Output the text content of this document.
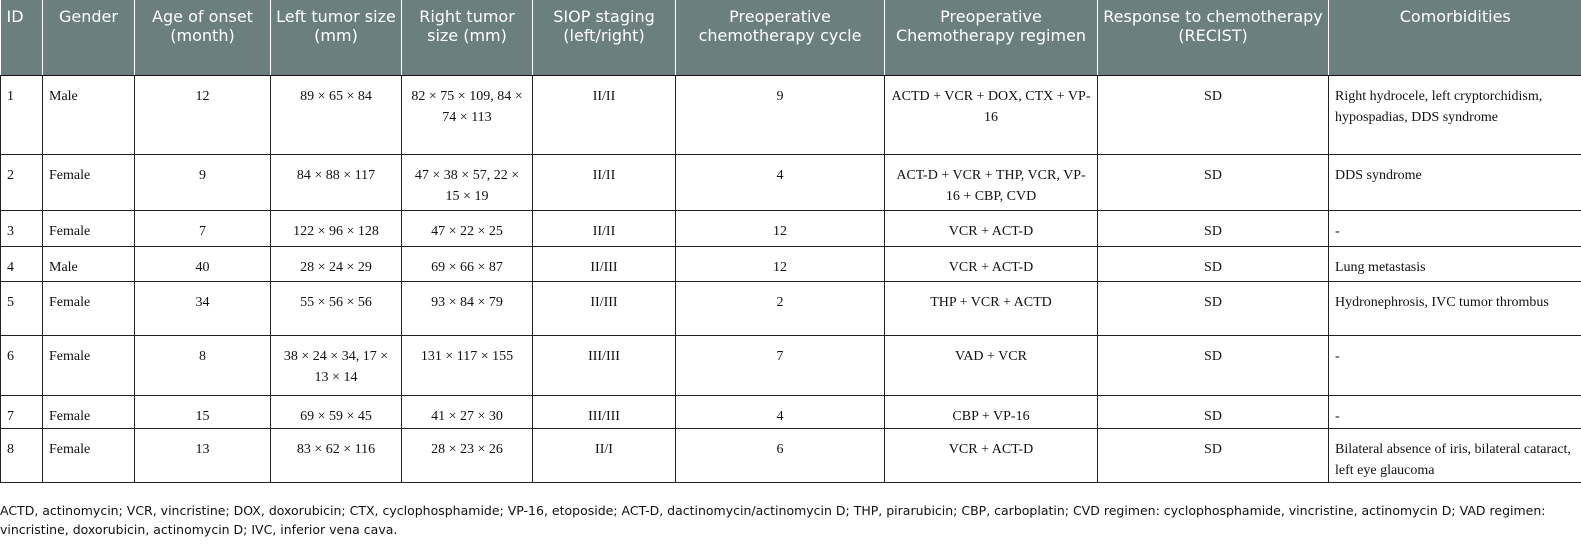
ID	Gender	Age of onset (month)	Left tumor size (mm)	Right tumor size (mm)	SIOP staging (left/right)	Preoperative chemotherapy cycle	Preoperative Chemotherapy regimen	Response to chemotherapy (RECIST)	Comorbidities
1	Male	12	89 × 65 × 84	82 × 75 × 109, 84 × 74 × 113	II/II	9	ACTD + VCR + DOX, CTX + VP-16	SD	Right hydrocele, left cryptorchidism, hypospadias, DDS syndrome
2	Female	9	84 × 88 × 117	47 × 38 × 57, 22 × 15 × 19	II/II	4	ACT-D + VCR + THP, VCR, VP-16 + CBP, CVD	SD	DDS syndrome
3	Female	7	122 × 96 × 128	47 × 22 × 25	II/II	12	VCR + ACT-D	SD	-
4	Male	40	28 × 24 × 29	69 × 66 × 87	II/III	12	VCR + ACT-D	SD	Lung metastasis
5	Female	34	55 × 56 × 56	93 × 84 × 79	II/III	2	THP + VCR + ACTD	SD	Hydronephrosis, IVC tumor thrombus
6	Female	8	38 × 24 × 34, 17 × 13 × 14	131 × 117 × 155	III/III	7	VAD + VCR	SD	-
7	Female	15	69 × 59 × 45	41 × 27 × 30	III/III	4	CBP + VP-16	SD	-
8	Female	13	83 × 62 × 116	28 × 23 × 26	II/I	6	VCR + ACT-D	SD	Bilateral absence of iris, bilateral cataract, left eye glaucoma
ACTD, actinomycin; VCR, vincristine; DOX, doxorubicin; CTX, cyclophosphamide; VP-16, etoposide; ACT-D, dactinomycin/actinomycin D; THP, pirarubicin; CBP, carboplatin; CVD regimen: cyclophosphamide, vincristine, actinomycin D; VAD regimen: vincristine, doxorubicin, actinomycin D; IVC, inferior vena cava.
